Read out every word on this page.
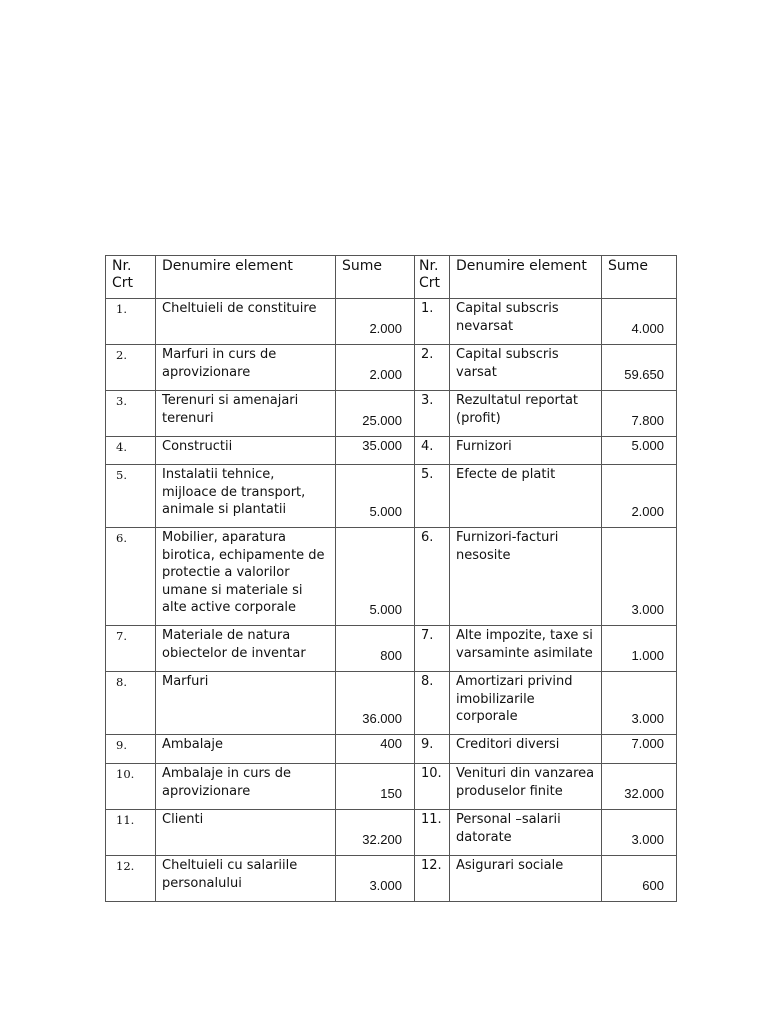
Nr. Crt	Denumire element	Sume	Nr. Crt	Denumire element	Sume
1.	Cheltuieli de constituire	2.000	1.	Capital subscris nevarsat	4.000
2.	Marfuri in curs de aprovizionare	2.000	2.	Capital subscris varsat	59.650
3.	Terenuri si amenajari terenuri	25.000	3.	Rezultatul reportat (profit)	7.800
4.	Constructii	35.000	4.	Furnizori	5.000
5.	Instalatii tehnice, mijloace de transport, animale si plantatii	5.000	5.	Efecte de platit	2.000
6.	Mobilier, aparatura birotica, echipamente de protectie a valorilor umane si materiale si alte active corporale	5.000	6.	Furnizori-facturi nesosite	3.000
7.	Materiale de natura obiectelor de inventar	800	7.	Alte impozite, taxe si varsaminte asimilate	1.000
8.	Marfuri	36.000	8.	Amortizari privind imobilizarile corporale	3.000
9.	Ambalaje	400	9.	Creditori diversi	7.000
10.	Ambalaje in curs de aprovizionare	150	10.	Venituri din vanzarea produselor finite	32.000
11.	Clienti	32.200	11.	Personal –salarii datorate	3.000
12.	Cheltuieli cu salariile personalului	3.000	12.	Asigurari sociale	600
